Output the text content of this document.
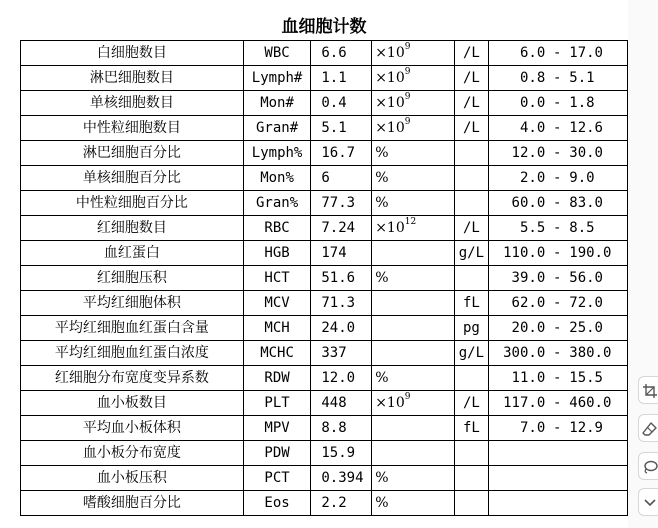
血细胞计数					
白细胞数目	WBC	6.6	$\times 10^9$	/L	6.0 - 17.0
淋巴细胞数目	Lymph#	1.1	$\times 10^9$	/L	0.8 - 5.1
单核细胞数目	Mon#	0.4	$\times 10^9$	/L	0.0 - 1.8
中性粒细胞数目	Gran#	5.1	$\times 10^9$	/L	4.0 - 12.6
淋巴细胞百分比	Lymph%	16.7	%		12.0 - 30.0
单核细胞百分比	Mon%	6	%		2.0 - 9.0
中性粒细胞百分比	Gran%	77.3	%		60.0 - 83.0
红细胞数目	RBC	7.24	$\times 10^{12}$	/L	5.5 - 8.5
血红蛋白	HGB	174		g/L	110.0 - 190.0
红细胞压积	HCT	51.6	%		39.0 - 56.0
平均红细胞体积	MCV	71.3		fL	62.0 - 72.0
平均红细胞血红蛋白含量	MCH	24.0		pg	20.0 - 25.0
平均红细胞血红蛋白浓度	MCHC	337		g/L	300.0 - 380.0
红细胞分布宽度变异系数	RDW	12.0	%		11.0 - 15.5
血小板数目	PLT	448	$\times 10^9$	/L	117.0 - 460.0
平均血小板体积	MPV	8.8		fL	7.0 - 12.9
血小板分布宽度	PDW	15.9			
血小板压积	PCT	0.394	%		
嗜酸细胞百分比	Eos	2.2	%		
